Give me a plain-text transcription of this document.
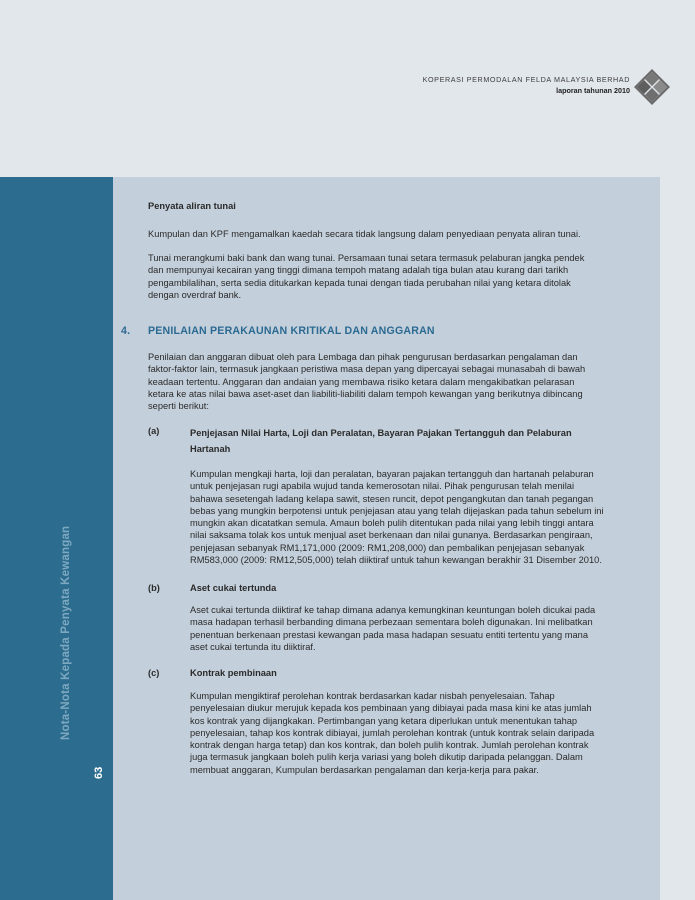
KOPERASI PERMODALAN FELDA MALAYSIA BERHAD
laporan tahunan 2010
Nota-Nota Kepada Penyata Kewangan
63
Penyata aliran tunai
Kumpulan dan KPF mengamalkan kaedah secara tidak langsung dalam penyediaan penyata aliran tunai.
Tunai merangkumi baki bank dan wang tunai. Persamaan tunai setara termasuk pelaburan jangka pendek
dan mempunyai kecairan yang tinggi dimana tempoh matang adalah tiga bulan atau kurang dari tarikh
pengambilalihan, serta sedia ditukarkan kepada tunai dengan tiada perubahan nilai yang ketara ditolak
dengan overdraf bank.
4. PENILAIAN PERAKAUNAN KRITIKAL DAN ANGGARAN
Penilaian dan anggaran dibuat oleh para Lembaga dan pihak pengurusan berdasarkan pengalaman dan
faktor-faktor lain, termasuk jangkaan peristiwa masa depan yang dipercayai sebagai munasabah di bawah
keadaan tertentu. Anggaran dan andaian yang membawa risiko ketara dalam mengakibatkan pelarasan
ketara ke atas nilai bawa aset-aset dan liabiliti-liabiliti dalam tempoh kewangan yang berikutnya dibincang
seperti berikut:
(a)	Penjejasan Nilai Harta, Loji dan Peralatan, Bayaran Pajakan Tertangguh dan Pelaburan
Hartanah
Kumpulan mengkaji harta, loji dan peralatan, bayaran pajakan tertangguh dan hartanah pelaburan
untuk penjejasan rugi apabila wujud tanda kemerosotan nilai. Pihak pengurusan telah menilai
bahawa sesetengah ladang kelapa sawit, stesen runcit, depot pengangkutan dan tanah pegangan
bebas yang mungkin berpotensi untuk penjejasan atau yang telah dijejaskan pada tahun sebelum ini
mungkin akan dicatatkan semula. Amaun boleh pulih ditentukan pada nilai yang lebih tinggi antara
nilai saksama tolak kos untuk menjual aset berkenaan dan nilai gunanya. Berdasarkan pengiraan,
penjejasan sebanyak RM1,171,000 (2009: RM1,208,000) dan pembalikan penjejasan sebanyak
RM583,000 (2009: RM12,505,000) telah diiktiraf untuk tahun kewangan berakhir 31 Disember 2010.
(b)	Aset cukai tertunda
Aset cukai tertunda diiktiraf ke tahap dimana adanya kemungkinan keuntungan boleh dicukai pada
masa hadapan terhasil berbanding dimana perbezaan sementara boleh digunakan. Ini melibatkan
penentuan berkenaan prestasi kewangan pada masa hadapan sesuatu entiti tertentu yang mana
aset cukai tertunda itu diiktiraf.
(c)	Kontrak pembinaan
Kumpulan mengiktiraf perolehan kontrak berdasarkan kadar nisbah penyelesaian. Tahap
penyelesaian diukur merujuk kepada kos pembinaan yang dibiayai pada masa kini ke atas jumlah
kos kontrak yang dijangkakan. Pertimbangan yang ketara diperlukan untuk menentukan tahap
penyelesaian, tahap kos kontrak dibiayai, jumlah perolehan kontrak (untuk kontrak selain daripada
kontrak dengan harga tetap) dan kos kontrak, dan boleh pulih kontrak. Jumlah perolehan kontrak
juga termasuk jangkaan boleh pulih kerja variasi yang boleh dikutip daripada pelanggan. Dalam
membuat anggaran, Kumpulan berdasarkan pengalaman dan kerja-kerja para pakar.
